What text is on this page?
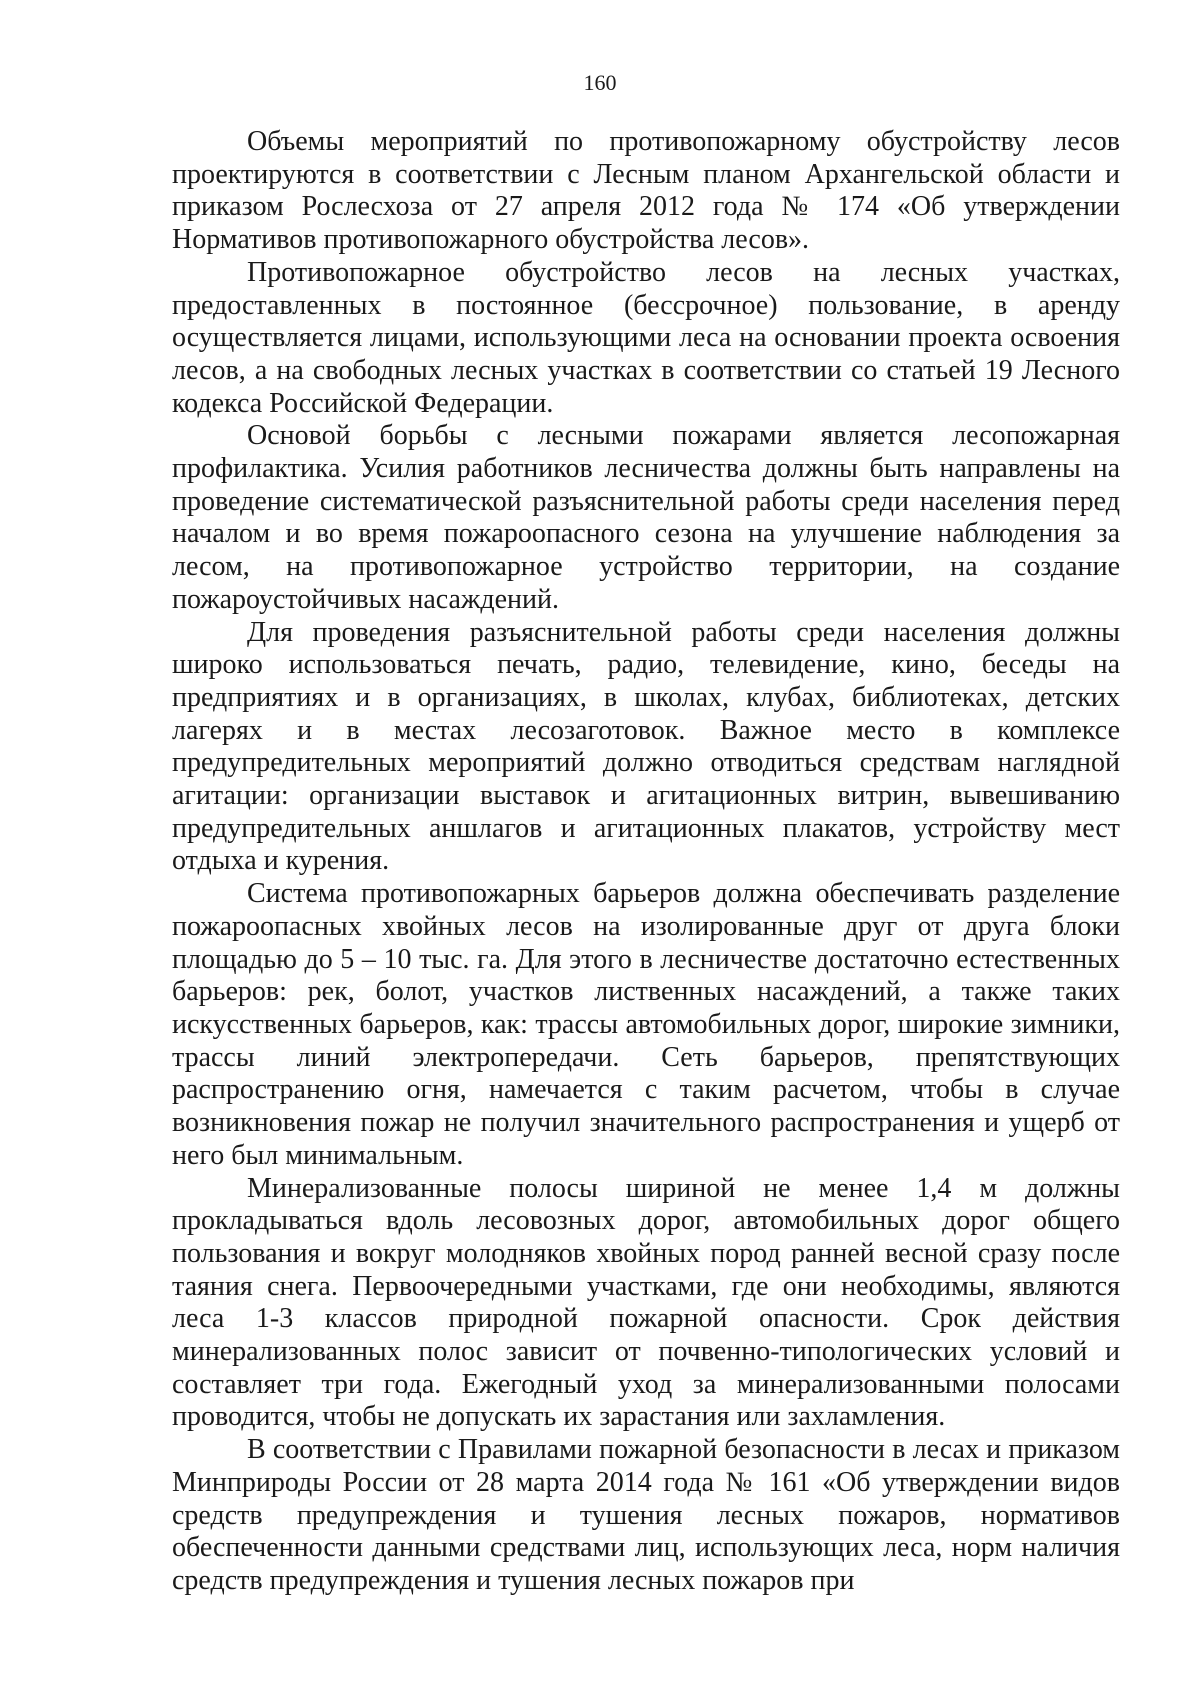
160

Объемы мероприятий по противопожарному обустройству лесов проектируются в соответствии с Лесным планом Архангельской области и приказом Рослесхоза от 27 апреля 2012 года № 174 «Об утверждении Нормативов противопожарного обустройства лесов».

Противопожарное обустройство лесов на лесных участках, предоставленных в постоянное (бессрочное) пользование, в аренду осуществляется лицами, использующими леса на основании проекта освоения лесов, а на свободных лесных участках в соответствии со статьей 19 Лесного кодекса Российской Федерации.

Основой борьбы с лесными пожарами является лесопожарная профилактика. Усилия работников лесничества должны быть направлены на проведение систематической разъяснительной работы среди населения перед началом и во время пожароопасного сезона на улучшение наблюдения за лесом, на противопожарное устройство территории, на создание пожароустойчивых насаждений.

Для проведения разъяснительной работы среди населения должны широко использоваться печать, радио, телевидение, кино, беседы на предприятиях и в организациях, в школах, клубах, библиотеках, детских лагерях и в местах лесозаготовок. Важное место в комплексе предупредительных мероприятий должно отводиться средствам наглядной агитации: организации выставок и агитационных витрин, вывешиванию предупредительных аншлагов и агитационных плакатов, устройству мест отдыха и курения.

Система противопожарных барьеров должна обеспечивать разделение пожароопасных хвойных лесов на изолированные друг от друга блоки площадью до 5 – 10 тыс. га. Для этого в лесничестве достаточно естественных барьеров: рек, болот, участков лиственных насаждений, а также таких искусственных барьеров, как: трассы автомобильных дорог, широкие зимники, трассы линий электропередачи. Сеть барьеров, препятствующих распространению огня, намечается с таким расчетом, чтобы в случае возникновения пожар не получил значительного распространения и ущерб от него был минимальным.

Минерализованные полосы шириной не менее 1,4 м должны прокладываться вдоль лесовозных дорог, автомобильных дорог общего пользования и вокруг молодняков хвойных пород ранней весной сразу после таяния снега. Первоочередными участками, где они необходимы, являются леса 1-3 классов природной пожарной опасности. Срок действия минерализованных полос зависит от почвенно-типологических условий и составляет три года. Ежегодный уход за минерализованными полосами проводится, чтобы не допускать их зарастания или захламления.

В соответствии с Правилами пожарной безопасности в лесах и приказом Минприроды России от 28 марта 2014 года № 161 «Об утверждении видов средств предупреждения и тушения лесных пожаров, нормативов обеспеченности данными средствами лиц, использующих леса, норм наличия средств предупреждения и тушения лесных пожаров при
